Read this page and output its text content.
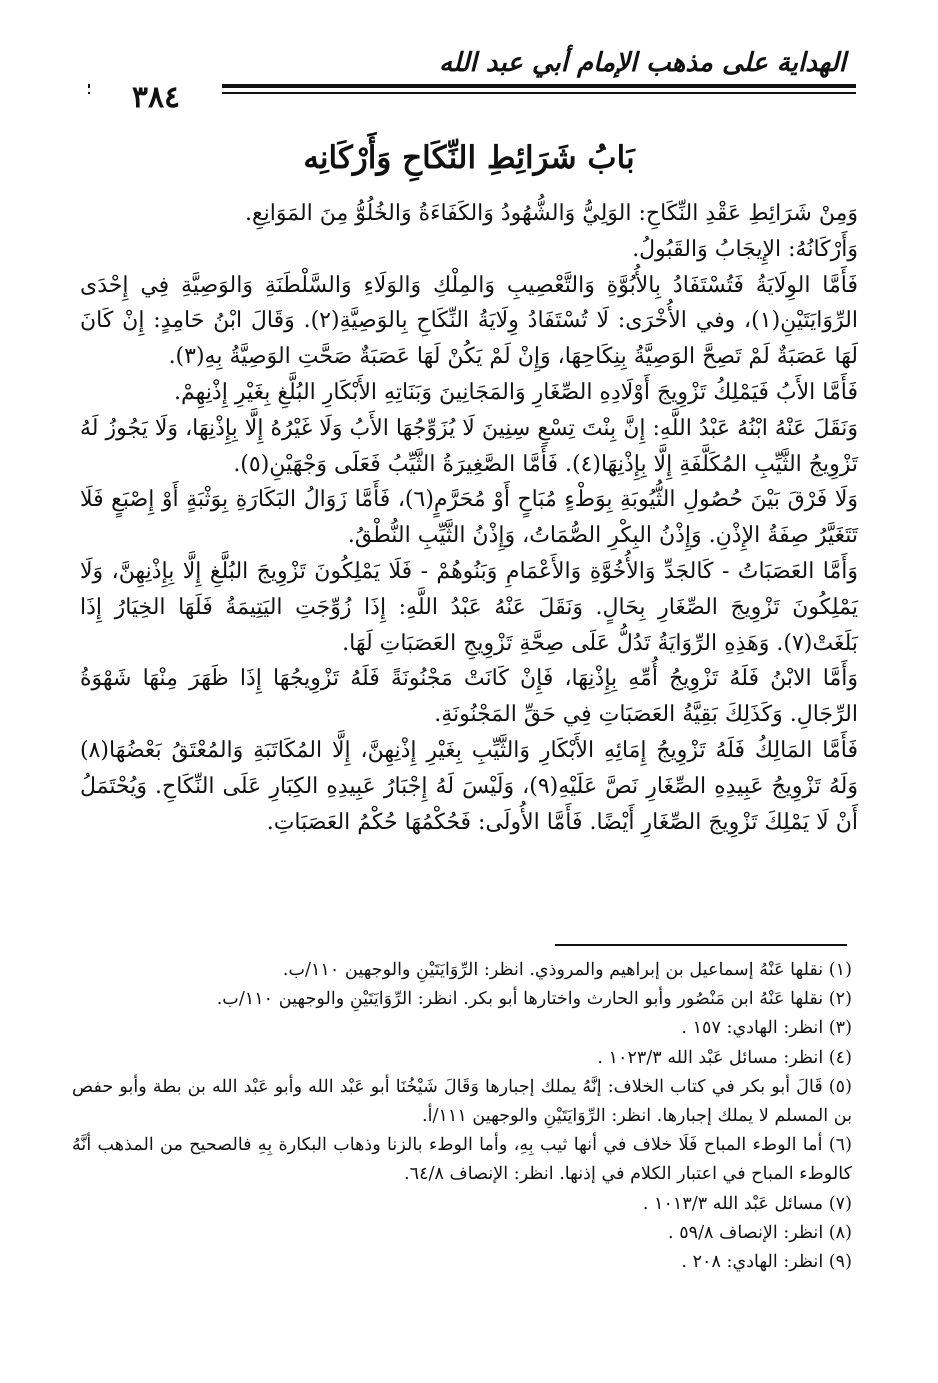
الهداية على مذهب الإمام أبي عبد الله
٣٨٤
بَابُ شَرَائِطِ النِّكَاحِ وَأَرْكَانِه

وَمِنْ شَرَائِطِ عَقْدِ النِّكَاحِ: الوَلِيُّ وَالشُّهُودُ وَالكَفَاءَةُ وَالخُلُوُّ مِنَ المَوَانِعِ.

وَأَرْكَانُهُ: الإِيجَابُ وَالقَبُولُ.

فَأَمَّا الوِلَايَةُ فَتُسْتَفَادُ بِالأُبُوَّةِ وَالتَّعْصِيبِ وَالمِلْكِ وَالوَلَاءِ وَالسَّلْطَنَةِ وَالوَصِيَّةِ فِي إِحْدَى الرِّوَايَتَيْنِ(١)، وفي الأُخْرَى: لَا تُسْتَفَادُ وِلَايَةُ النِّكَاحِ بِالوَصِيَّةِ(٢). وَقَالَ ابْنُ حَامِدٍ: إِنْ كَانَ لَهَا عَصَبَةٌ لَمْ تَصِحَّ الوَصِيَّةُ بِنِكَاحِهَا، وَإِنْ لَمْ يَكُنْ لَهَا عَصَبَةٌ صَحَّتِ الوَصِيَّةُ بِهِ(٣).

فَأَمَّا الأَبُ فَيَمْلِكُ تَزْوِيجَ أَوْلَادِهِ الصِّغَارِ وَالمَجَانِينَ وَبَنَاتِهِ الأَبْكَارِ البُلَّغِ بِغَيْرِ إِذْنِهِمْ.

وَنَقَلَ عَنْهُ ابْنُهُ عَبْدُ اللَّهِ: إِنَّ بِنْتَ تِسْعِ سِنِينَ لَا يُزَوِّجُهَا الأَبُ وَلَا غَيْرُهُ إِلَّا بِإِذْنِهَا، وَلَا يَجُوزُ لَهُ تَزْوِيجُ الثَّيِّبِ المُكَلَّفَةِ إِلَّا بِإِذْنِهَا(٤). فَأَمَّا الصَّغِيرَةُ الثَّيِّبُ فَعَلَى وَجْهَيْنِ(٥).

وَلَا فَرْقَ بَيْنَ حُصُولِ الثُّيُوبَةِ بِوَطْءٍ مُبَاحٍ أَوْ مُحَرَّمٍ(٦)، فَأَمَّا زَوَالُ البَكَارَةِ بِوَثْبَةٍ أَوْ إِصْبَعٍ فَلَا تَتَغَيَّرُ صِفَةُ الإِذْنِ. وَإِذْنُ البِكْرِ الصُّمَاتُ، وَإِذْنُ الثَّيِّبِ النُّطْقُ.

وَأَمَّا العَصَبَاتُ - كَالجَدِّ وَالأُخُوَّةِ وَالأَعْمَامِ وَبَنُوهُمْ - فَلَا يَمْلِكُونَ تَزْوِيجَ البُلَّغِ إِلَّا بِإِذْنِهِنَّ، وَلَا يَمْلِكُونَ تَزْوِيجَ الصِّغَارِ بِحَالٍ. وَنَقَلَ عَنْهُ عَبْدُ اللَّهِ: إِذَا زُوِّجَتِ اليَتِيمَةُ فَلَهَا الخِيَارُ إِذَا بَلَغَتْ(٧). وَهَذِهِ الرِّوَايَةُ تَدُلُّ عَلَى صِحَّةِ تَزْوِيجِ العَصَبَاتِ لَهَا.

وَأَمَّا الابْنُ فَلَهُ تَزْوِيجُ أُمِّهِ بِإِذْنِهَا، فَإِنْ كَانَتْ مَجْنُونَةً فَلَهُ تَزْوِيجُهَا إِذَا ظَهَرَ مِنْهَا شَهْوَةُ الرِّجَالِ. وَكَذَلِكَ بَقِيَّةُ العَصَبَاتِ فِي حَقِّ المَجْنُونَةِ.

فَأَمَّا المَالِكُ فَلَهُ تَزْوِيجُ إِمَائِهِ الأَبْكَارِ وَالثَّيِّبِ بِغَيْرِ إِذْنِهِنَّ، إِلَّا المُكَاتَبَةِ وَالمُعْتَقُ بَعْضُهَا(٨) وَلَهُ تَزْوِيجُ عَبِيدِهِ الصِّغَارِ نَصَّ عَلَيْهِ(٩)، وَلَيْسَ لَهُ إِجْبَارُ عَبِيدِهِ الكِبَارِ عَلَى النِّكَاحِ. وَيُحْتَمَلُ أَنْ لَا يَمْلِكَ تَزْوِيجَ الصِّغَارِ أَيْضًا. فَأَمَّا الأُولَى: فَحُكْمُهَا حُكْمُ العَصَبَاتِ.

(١) نقلها عَنْهُ إسماعيل بن إبراهيم والمروذي. انظر: الرِّوَايَتَيْنِ والوجهين ١١٠/ب.

(٢) نقلها عَنْهُ ابن مَنْصُور وأبو الحارث واختارها أبو بكر. انظر: الرِّوَايَتَيْنِ والوجهين ١١٠/ب.

(٣) انظر: الهادي: ١٥٧ .

(٤) انظر: مسائل عَبْد الله ١٠٢٣/٣ .

(٥) قَالَ أبو بكر في كتاب الخلاف: إنَّهُ يملك إجبارها وَقَالَ شَيْخُنَا أبو عَبْد الله وأبو عَبْد الله بن بطة وأبو حفص بن المسلم لا يملك إجبارها. انظر: الرِّوَايَتَيْنِ والوجهين ١١١/أ.

(٦) أما الوطء المباح فَلَا خلاف في أنها ثيب بِهِ، وأما الوطء بالزنا وذهاب البكارة بِهِ فالصحيح من المذهب أنَّهُ كالوطء المباح في اعتبار الكلام في إذنها. انظر: الإنصاف ٦٤/٨.

(٧) مسائل عَبْد الله ١٠١٣/٣ .

(٨) انظر: الإنصاف ٥٩/٨ .

(٩) انظر: الهادي: ٢٠٨ .
